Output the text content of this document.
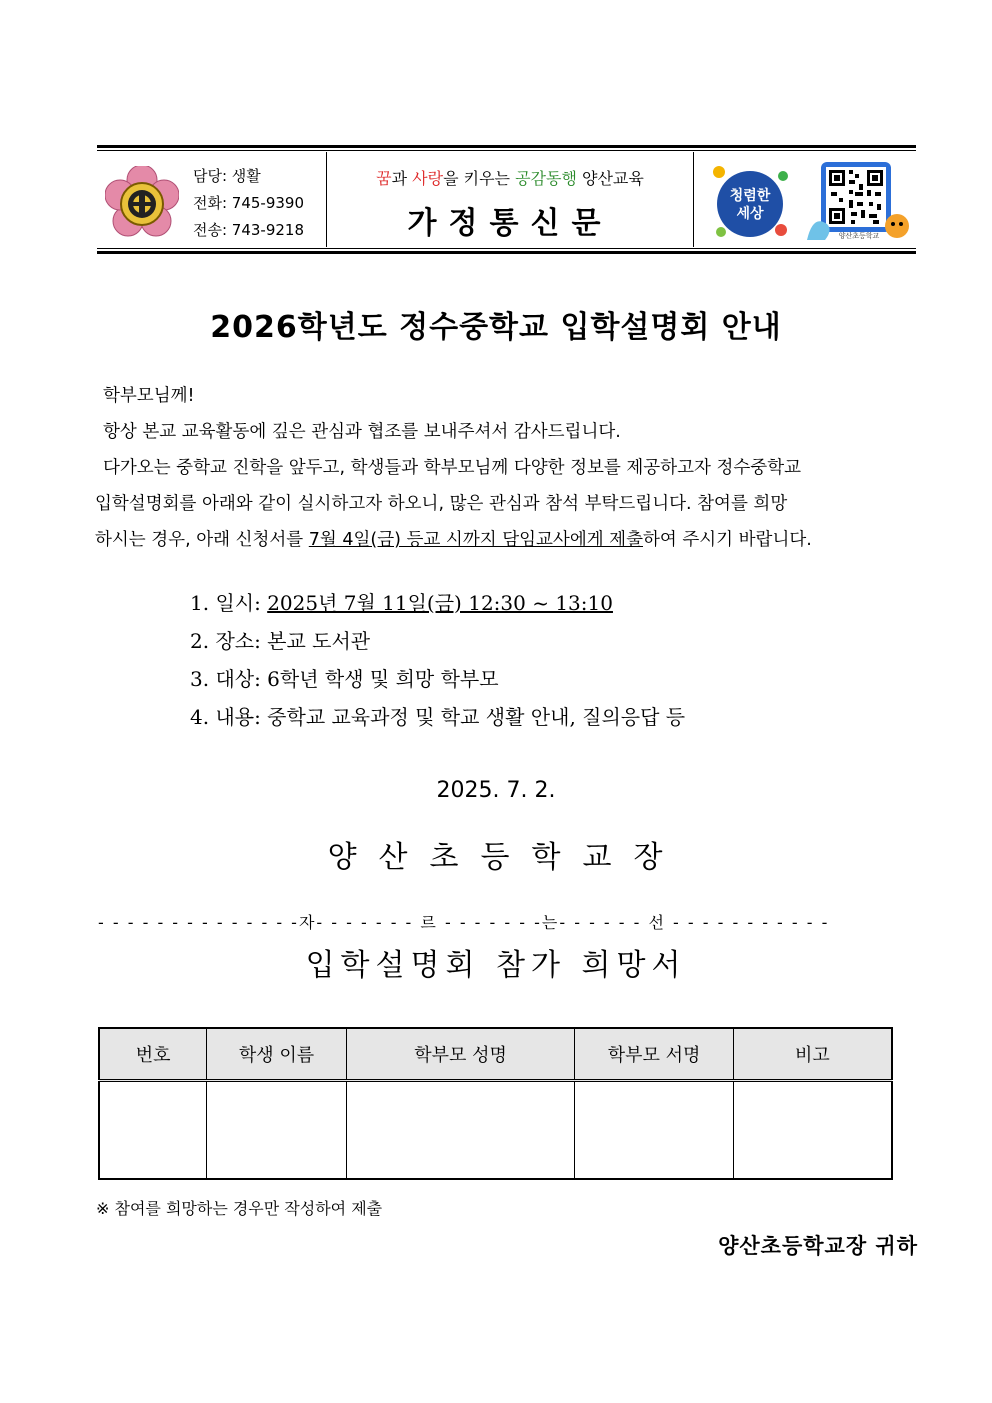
담당: 생활
전화: 745-9390
전송: 743-9218
꿈과 사랑을 키우는 공감동행 양산교육
가정통신문
청렴한
세상
양산초등학교
2026학년도 정수중학교 입학설명회 안내

학부모님께!

항상 본교 교육활동에 깊은 관심과 협조를 보내주셔서 감사드립니다.

다가오는 중학교 진학을 앞두고, 학생들과 학부모님께 다양한 정보를 제공하고자 정수중학교

입학설명회를 아래와 같이 실시하고자 하오니, 많은 관심과 참석 부탁드립니다. 참여를 희망

하시는 경우, 아래 신청서를 7월 4일(금) 등교 시까지 담임교사에게 제출하여 주시기 바랍니다.

1. 일시: 2025년 7월 11일(금) 12:30 ~ 13:10
2. 장소: 본교 도서관
3. 대상: 6학년 학생 및 희망 학부모
4. 내용: 중학교 교육과정 및 학교 생활 안내, 질의응답 등
2025. 7. 2.
양산초등학교장
- - - - - - - - - - - - - -자- - - - - - - 르 - - - - - - -는- - - - - - 선 - - - - - - - - - - -
입학설명회 참가 희망서
번호	학생 이름	학부모 성명	학부모 서명	비고

※ 참여를 희망하는 경우만 작성하여 제출
양산초등학교장 귀하
